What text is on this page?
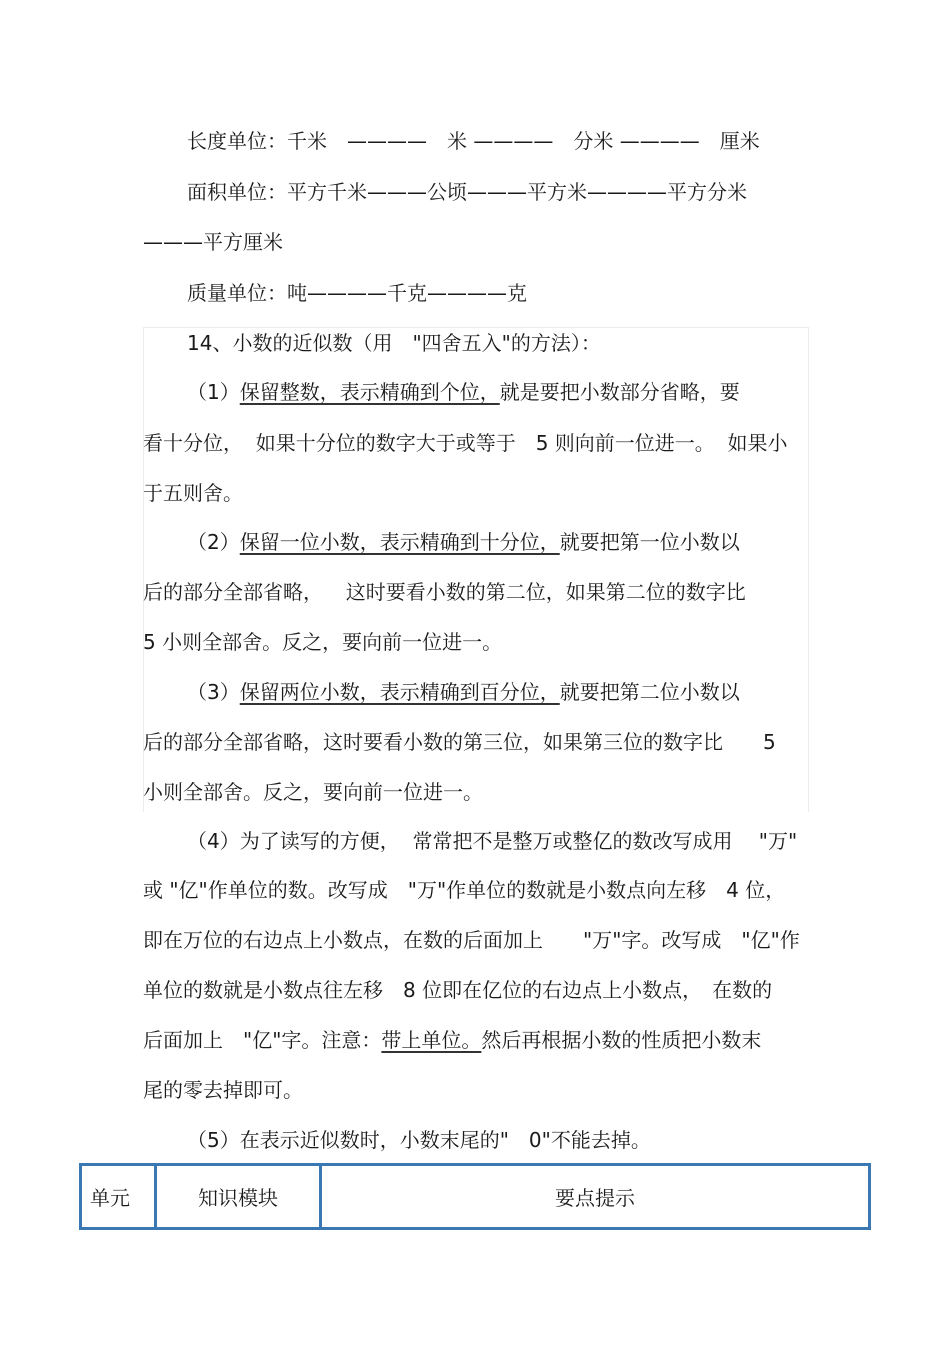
长度单位：千米　————　米 ————　分米 ————　厘米
面积单位：平方千米———公顷———平方米————平方分米
———平方厘米
质量单位：吨————千克————克
14、小数的近似数（用　"四舍五入"的方法）：
（1）保留整数，表示精确到个位，就是要把小数部分省略，要
看十分位，  如果十分位的数字大于或等于　5 则向前一位进一。  如果小
于五则舍。
（2）保留一位小数，表示精确到十分位，就要把第一位小数以
后的部分全部省略，　  这时要看小数的第二位，如果第二位的数字比
5 小则全部舍。反之，要向前一位进一。
（3）保留两位小数，表示精确到百分位，就要把第二位小数以
后的部分全部省略，这时要看小数的第三位，如果第三位的数字比　　5
小则全部舍。反之，要向前一位进一。
（4）为了读写的方便，  常常把不是整万或整亿的数改写成用　 "万"
或 "亿"作单位的数。改写成　"万"作单位的数就是小数点向左移　4 位，
即在万位的右边点上小数点，在数的后面加上　　"万"字。改写成　"亿"作
单位的数就是小数点往左移　8 位即在亿位的右边点上小数点，　在数的
后面加上　"亿"字。注意：带上单位。然后再根据小数的性质把小数末
尾的零去掉即可。
（5）在表示近似数时，小数末尾的"　0"不能去掉。
单元	知识模块	要点提示
